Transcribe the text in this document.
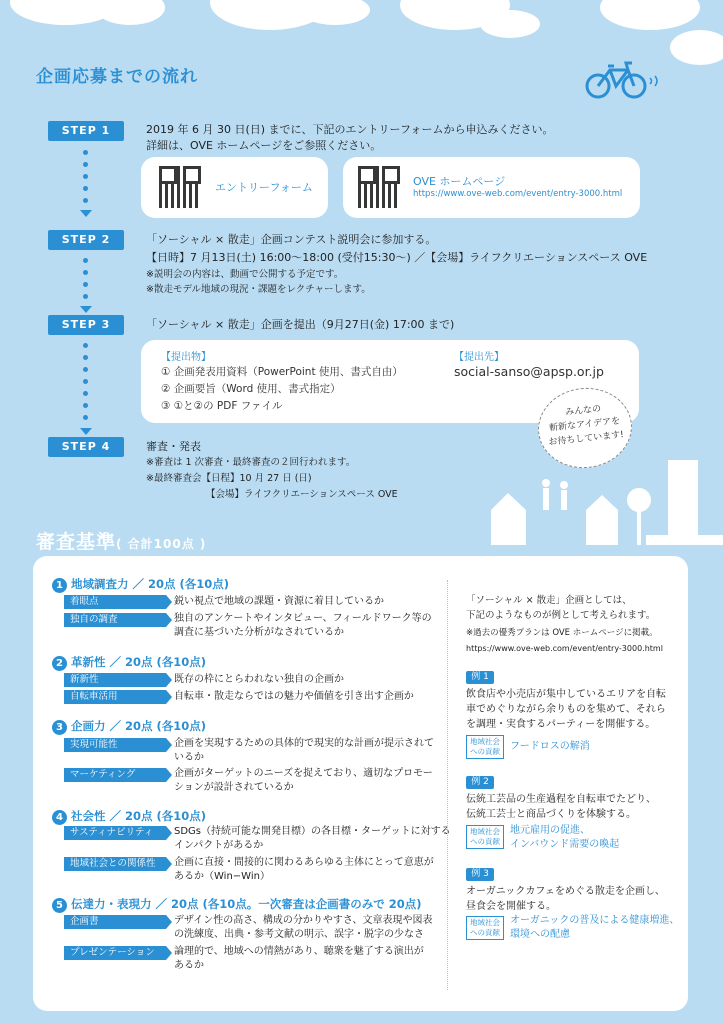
企画応募までの流れ
STEP 1	2019 年 6 月 30 日(日) までに、下記のエントリーフォームから申込みください。
詳細は、OVE ホームページをご参照ください。
エントリーフォーム	OVE ホームページ
https://www.ove-web.com/event/entry-3000.html
STEP 2	「ソーシャル × 散走」企画コンテスト説明会に参加する。
【日時】7 月13日(土) 16:00〜18:00 (受付15:30〜) ／【会場】ライフクリエーションスペース OVE
※説明会の内容は、動画で公開する予定です。
※散走モデル地域の現況・課題をレクチャーします。
STEP 3	「ソーシャル × 散走」企画を提出（9月27日(金) 17:00 まで)
【提出物】
① 企画発表用資料（PowerPoint 使用、書式自由）
② 企画要旨（Word 使用、書式指定）
③ ①と②の PDF ファイル
【提出先】
social-sanso@apsp.or.jp
みんなの
斬新なアイデアを
お待ちしています!
STEP 4	審査・発表
※審査は 1 次審査・最終審査の２回行われます。
※最終審査会【日程】10 月 27 日 (日)
【会場】ライフクリエーションスペース OVE
審査基準( 合計100点 )
1 地域調査力 ／ 20点 (各10点)
着眼点	鋭い視点で地域の課題・資源に着目しているか
独自の調査	独自のアンケートやインタビュー、フィールドワーク等の
調査に基づいた分析がなされているか
2 革新性 ／ 20点 (各10点)
新新性	既存の枠にとらわれない独自の企画か
自転車活用	自転車・散走ならではの魅力や価値を引き出す企画か
3 企画力 ／ 20点 (各10点)
実現可能性	企画を実現するための具体的で現実的な計画が提示されて
いるか
マーケティング	企画がターゲットのニーズを捉えており、適切なプロモー
ションが設計されているか
4 社会性 ／ 20点 (各10点)
サスティナビリティ	SDGs（持続可能な開発目標）の各目標・ターゲットに対する
インパクトがあるか
地域社会との関係性	企画に直接・間接的に関わるあらゆる主体にとって意恵が
あるか（Win−Win）
5 伝達力・表現力 ／ 20点 (各10点。一次審査は企画書のみで 20点)
企画書	デザイン性の高さ、構成の分かりやすさ、文章表現や図表
の洗練度、出典・参考文献の明示、誤字・脱字の少なさ
プレゼンテーション	論理的で、地域への情熱があり、聴衆を魅了する演出が
あるか
「ソーシャル × 散走」企画としては、
下記のようなものが例として考えられます。
※過去の優秀プランは OVE ホームページに掲載。
https://www.ove-web.com/event/entry-3000.html
例 1
飲食店や小売店が集中しているエリアを自転
車でめぐりながら余りものを集めて、それら
を調理・実食するパーティーを開催する。
地域社会への貢献	フードロスの解消
例 2
伝統工芸品の生産過程を自転車でたどり、
伝統工芸士と商品づくりを体験する。
地域社会への貢献
地元雇用の促進、
インバウンド需要の喚起
例 3
オーガニックカフェをめぐる散走を企画し、
昼食会を開催する。
地域社会への貢献
オーガニックの普及による健康増進、
環境への配慮
